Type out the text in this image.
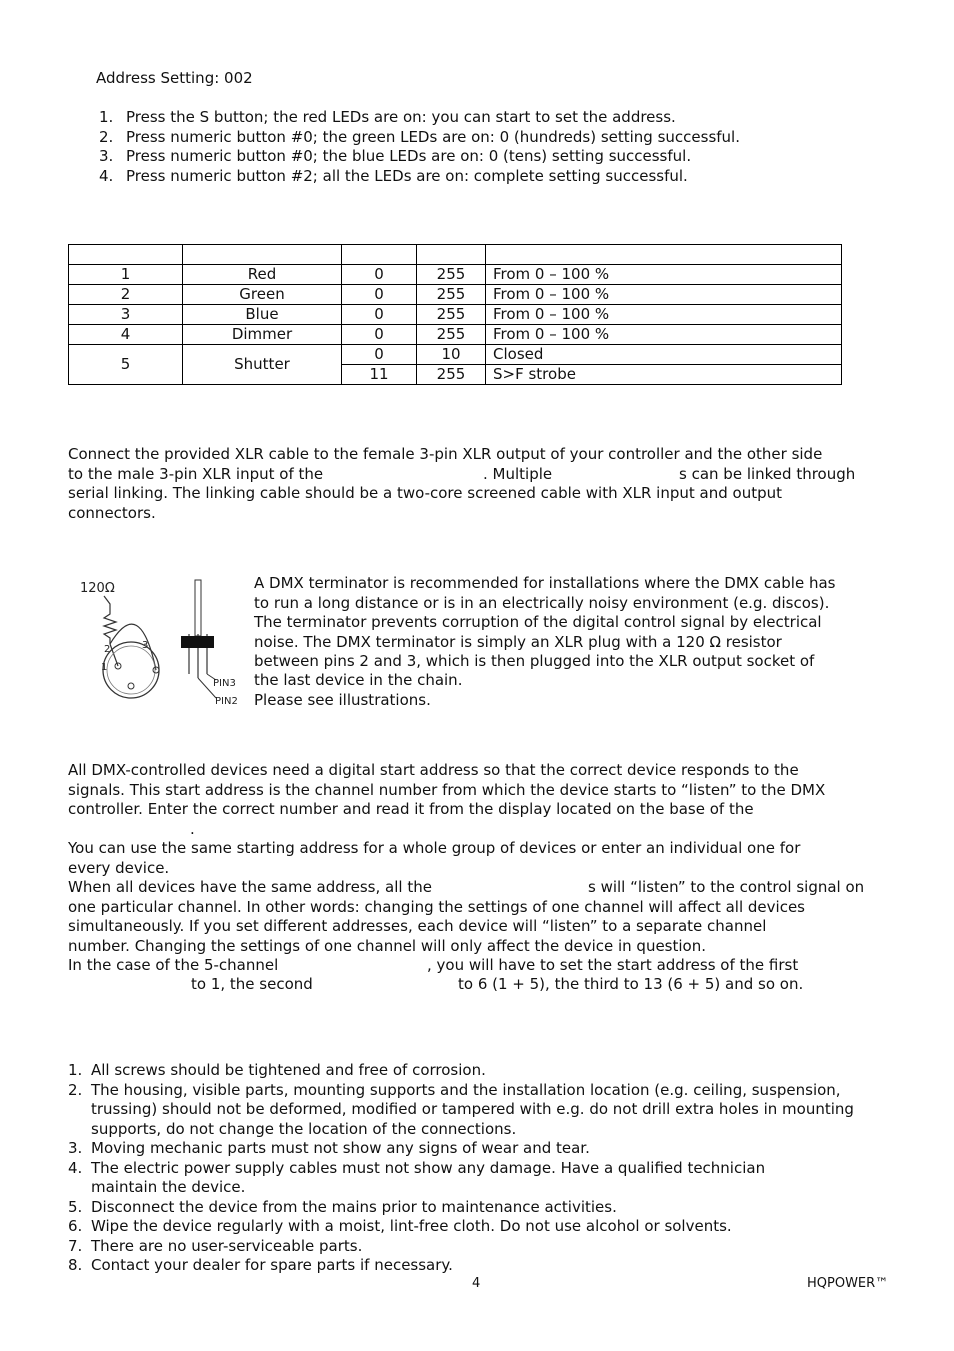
Address Setting: 002
1. Press the S button; the red LEDs are on: you can start to set the address.
2. Press numeric button #0; the green LEDs are on: 0 (hundreds) setting successful.
3. Press numeric button #0; the blue LEDs are on: 0 (tens) setting successful.
4. Press numeric button #2; all the LEDs are on: complete setting successful.

1	Red	0	255	From 0 – 100 %
2	Green	0	255	From 0 – 100 %
3	Blue	0	255	From 0 – 100 %
4	Dimmer	0	255	From 0 – 100 %
5	Shutter	0	10	Closed
		11	255	S>F strobe
Connect the provided XLR cable to the female 3-pin XLR output of your controller and the other side
to the male 3-pin XLR input of the	. Multiple	s can be linked through
serial linking. The linking cable should be a two-core screened cable with XLR input and output
connectors.
120Ω
2
1
3
PIN3
PIN2
A DMX terminator is recommended for installations where the DMX cable has
to run a long distance or is in an electrically noisy environment (e.g. discos).
The terminator prevents corruption of the digital control signal by electrical
noise. The DMX terminator is simply an XLR plug with a 120 Ω resistor
between pins 2 and 3, which is then plugged into the XLR output socket of
the last device in the chain.
Please see illustrations.
All DMX-controlled devices need a digital start address so that the correct device responds to the
signals. This start address is the channel number from which the device starts to “listen” to the DMX
controller. Enter the correct number and read it from the display located on the base of the
.
You can use the same starting address for a whole group of devices or enter an individual one for
every device.
When all devices have the same address, all the	s will “listen” to the control signal on
one particular channel. In other words: changing the settings of one channel will affect all devices
simultaneously. If you set different addresses, each device will “listen” to a separate channel
number. Changing the settings of one channel will only affect the device in question.
In the case of the 5-channel	, you will have to set the start address of the first
to 1, the second	to 6 (1 + 5), the third to 13 (6 + 5) and so on.
1. All screws should be tightened and free of corrosion.
2. The housing, visible parts, mounting supports and the installation location (e.g. ceiling, suspension, trussing) should not be deformed, modified or tampered with e.g. do not drill extra holes in mounting supports, do not change the location of the connections.
3. Moving mechanic parts must not show any signs of wear and tear.
4. The electric power supply cables must not show any damage. Have a qualified technician maintain the device.
5. Disconnect the device from the mains prior to maintenance activities.
6. Wipe the device regularly with a moist, lint-free cloth. Do not use alcohol or solvents.
7. There are no user-serviceable parts.
8. Contact your dealer for spare parts if necessary.
4	HQPOWER™
